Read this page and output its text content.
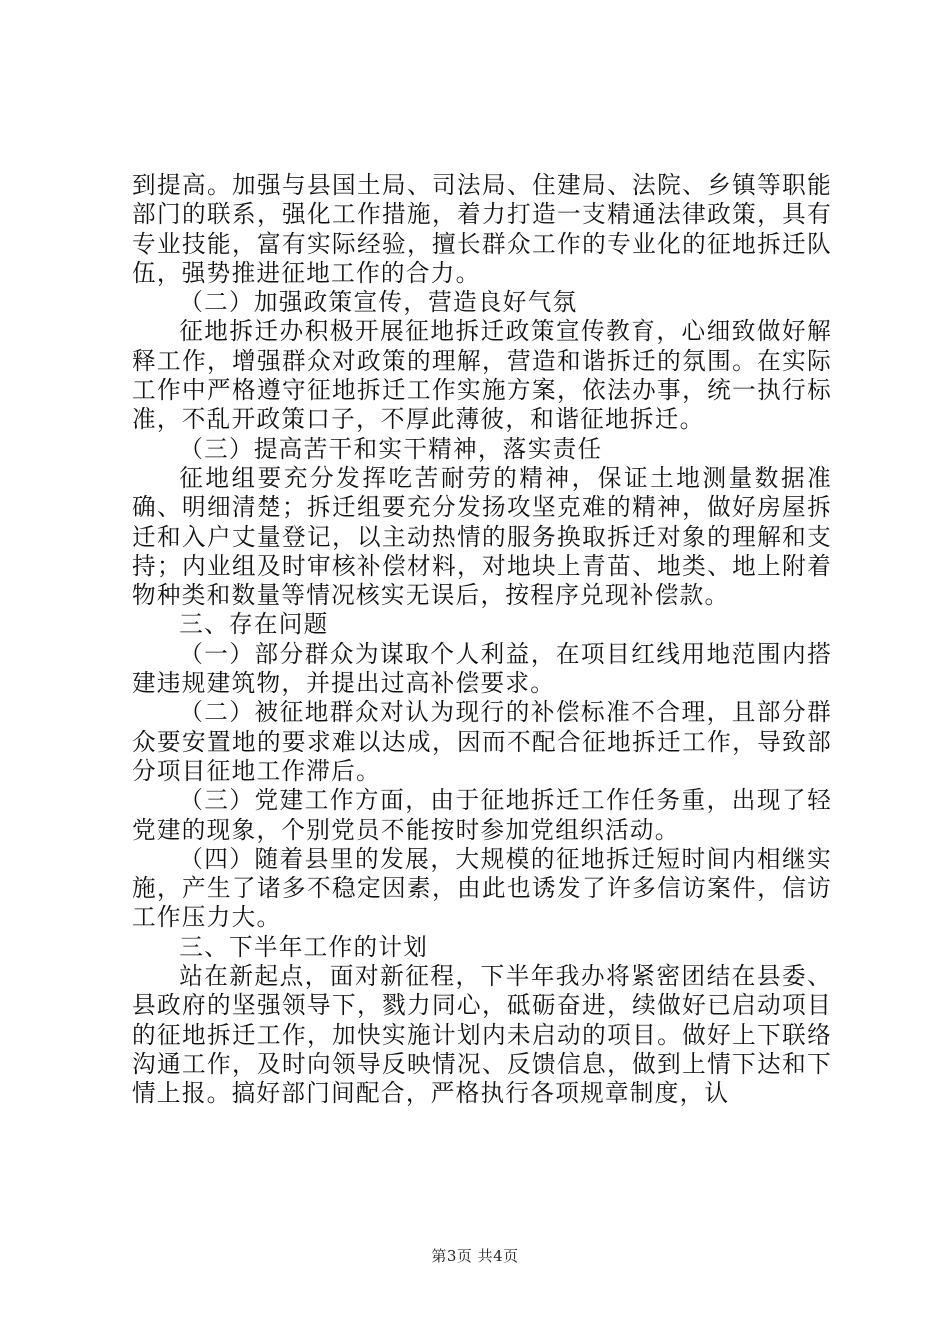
到提高。加强与县国土局、司法局、住建局、法院、乡镇等职能部门的联系，强化工作措施，着力打造一支精通法律政策，具有专业技能，富有实际经验，擅长群众工作的专业化的征地拆迁队伍，强势推进征地工作的合力。

（二）加强政策宣传，营造良好气氛

征地拆迁办积极开展征地拆迁政策宣传教育，心细致做好解释工作，增强群众对政策的理解，营造和谐拆迁的氛围。在实际工作中严格遵守征地拆迁工作实施方案，依法办事，统一执行标准，不乱开政策口子，不厚此薄彼，和谐征地拆迁。

（三）提高苦干和实干精神，落实责任

征地组要充分发挥吃苦耐劳的精神，保证土地测量数据准确、明细清楚；拆迁组要充分发扬攻坚克难的精神，做好房屋拆迁和入户丈量登记，以主动热情的服务换取拆迁对象的理解和支持；内业组及时审核补偿材料，对地块上青苗、地类、地上附着物种类和数量等情况核实无误后，按程序兑现补偿款。

三、存在问题

（一）部分群众为谋取个人利益，在项目红线用地范围内搭建违规建筑物，并提出过高补偿要求。

（二）被征地群众对认为现行的补偿标准不合理，且部分群众要安置地的要求难以达成，因而不配合征地拆迁工作，导致部分项目征地工作滞后。

（三）党建工作方面，由于征地拆迁工作任务重，出现了轻党建的现象，个别党员不能按时参加党组织活动。

（四）随着县里的发展，大规模的征地拆迁短时间内相继实施，产生了诸多不稳定因素，由此也诱发了许多信访案件，信访工作压力大。

三、下半年工作的计划

站在新起点，面对新征程，下半年我办将紧密团结在县委、县政府的坚强领导下，戮力同心，砥砺奋进，续做好已启动项目的征地拆迁工作，加快实施计划内未启动的项目。做好上下联络沟通工作，及时向领导反映情况、反馈信息，做到上情下达和下情上报。搞好部门间配合，严格执行各项规章制度，认

第3页 共4页
